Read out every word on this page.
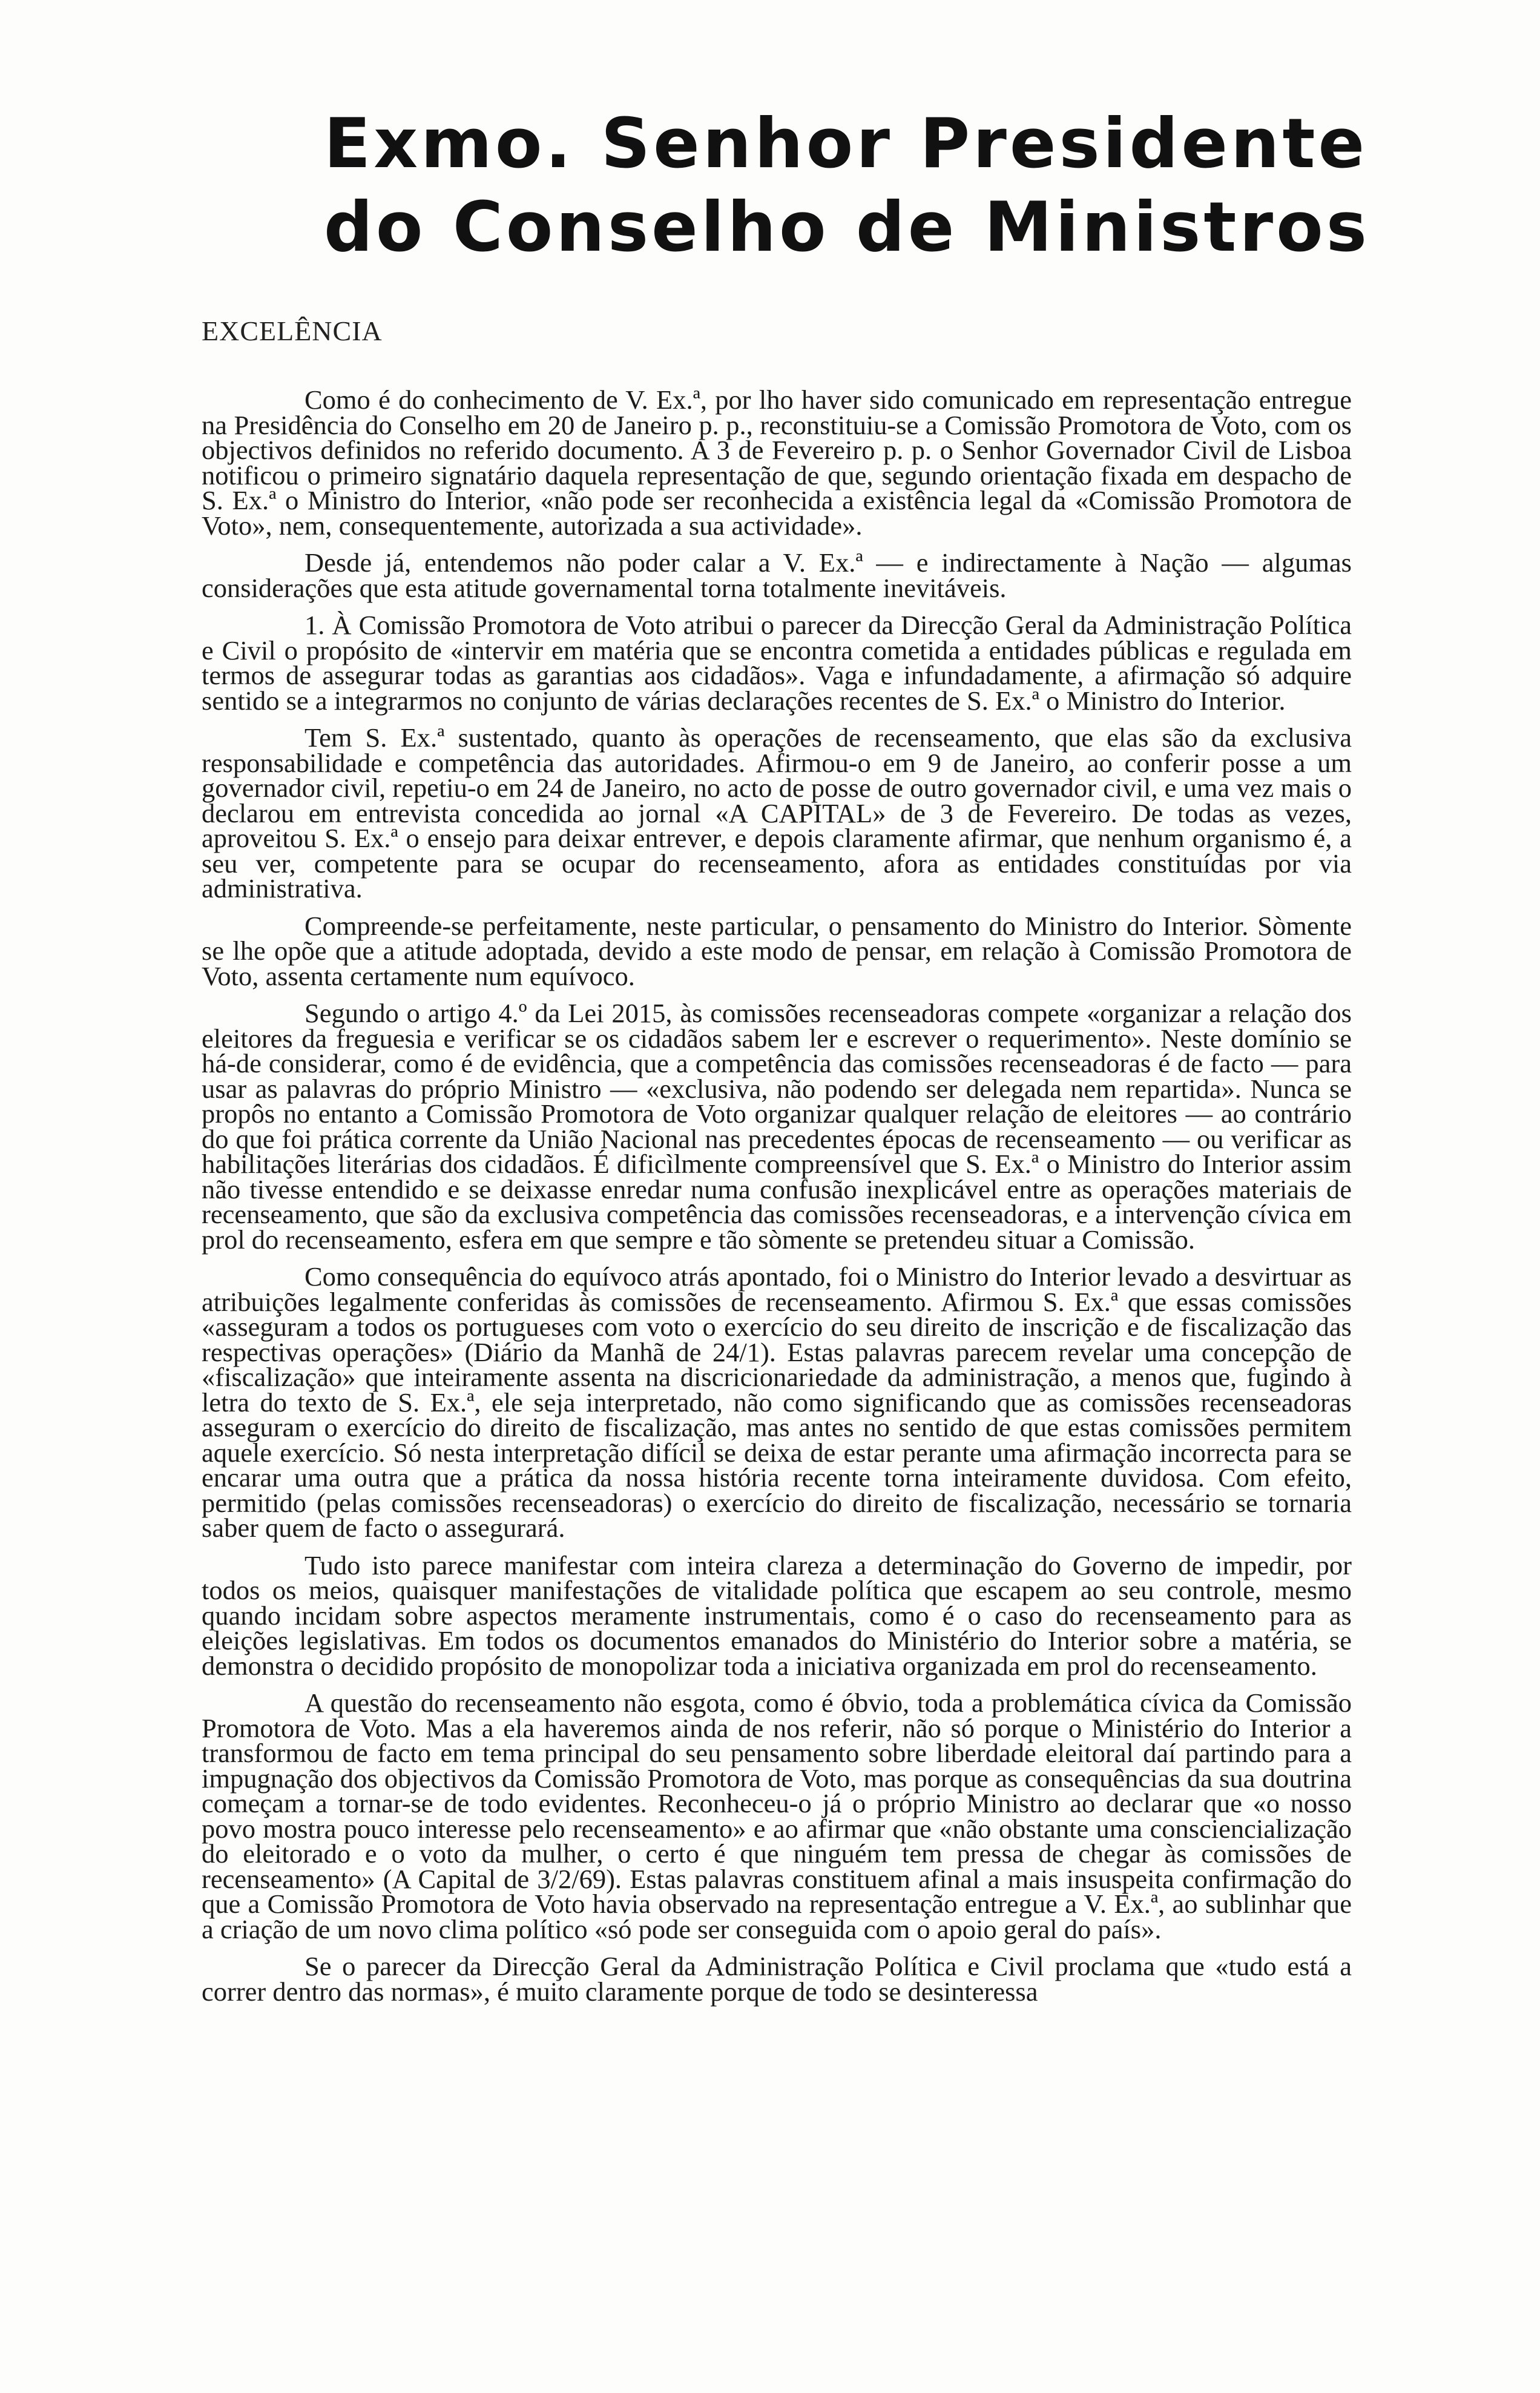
Exmo. Senhor Presidente
do Conselho de Ministros
EXCELÊNCIA

Como é do conhecimento de V. Ex.ª, por lho haver sido comunicado em representação entregue na Presidência do Conselho em 20 de Janeiro p. p., reconstituiu-se a Comissão Promotora de Voto, com os objectivos definidos no referido documento. A 3 de Fevereiro p. p. o Senhor Governador Civil de Lisboa notificou o primeiro signatário daquela representação de que, segundo orientação fixada em despacho de S. Ex.ª o Ministro do Interior, «não pode ser reconhecida a existência legal da «Comissão Promotora de Voto», nem, consequentemente, autorizada a sua actividade».

Desde já, entendemos não poder calar a V. Ex.ª — e indirectamente à Nação — algumas considerações que esta atitude governamental torna totalmente inevitáveis.

1. À Comissão Promotora de Voto atribui o parecer da Direcção Geral da Administração Política e Civil o propósito de «intervir em matéria que se encontra cometida a entidades públicas e regulada em termos de assegurar todas as garantias aos cidadãos». Vaga e infundadamente, a afirmação só adquire sentido se a integrarmos no conjunto de várias declarações recentes de S. Ex.ª o Ministro do Interior.

Tem S. Ex.ª sustentado, quanto às operações de recenseamento, que elas são da exclusiva responsabilidade e competência das autoridades. Afirmou-o em 9 de Janeiro, ao conferir posse a um governador civil, repetiu-o em 24 de Janeiro, no acto de posse de outro governador civil, e uma vez mais o declarou em entrevista concedida ao jornal «A CAPITAL» de 3 de Fevereiro. De todas as vezes, aproveitou S. Ex.ª o ensejo para deixar entrever, e depois claramente afirmar, que nenhum organismo é, a seu ver, competente para se ocupar do recenseamento, afora as entidades constituídas por via administrativa.

Compreende-se perfeitamente, neste particular, o pensamento do Ministro do Interior. Sòmente se lhe opõe que a atitude adoptada, devido a este modo de pensar, em relação à Comissão Promotora de Voto, assenta certamente num equívoco.

Segundo o artigo 4.º da Lei 2015, às comissões recenseadoras compete «organizar a relação dos eleitores da freguesia e verificar se os cidadãos sabem ler e escrever o requerimento». Neste domínio se há-de considerar, como é de evidência, que a competência das comissões recenseadoras é de facto — para usar as palavras do próprio Ministro — «exclusiva, não podendo ser delegada nem repartida». Nunca se propôs no entanto a Comissão Promotora de Voto organizar qualquer relação de eleitores — ao contrário do que foi prática corrente da União Nacional nas precedentes épocas de recenseamento — ou verificar as habilitações literárias dos cidadãos. É dificìlmente compreensível que S. Ex.ª o Ministro do Interior assim não tivesse entendido e se deixasse enredar numa confusão inexplicável entre as operações materiais de recenseamento, que são da exclusiva competência das comissões recenseadoras, e a intervenção cívica em prol do recenseamento, esfera em que sempre e tão sòmente se pretendeu situar a Comissão.

Como consequência do equívoco atrás apontado, foi o Ministro do Interior levado a desvirtuar as atribuições legalmente conferidas às comissões de recenseamento. Afirmou S. Ex.ª que essas comissões «asseguram a todos os portugueses com voto o exercício do seu direito de inscrição e de fiscalização das respectivas operações» (Diário da Manhã de 24/1). Estas palavras parecem revelar uma concepção de «fiscalização» que inteiramente assenta na discricionariedade da administração, a menos que, fugindo à letra do texto de S. Ex.ª, ele seja interpretado, não como significando que as comissões recenseadoras asseguram o exercício do direito de fiscalização, mas antes no sentido de que estas comissões permitem aquele exercício. Só nesta interpretação difícil se deixa de estar perante uma afirmação incorrecta para se encarar uma outra que a prática da nossa história recente torna inteiramente duvidosa. Com efeito, permitido (pelas comissões recenseadoras) o exercício do direito de fiscalização, necessário se tornaria saber quem de facto o assegurará.

Tudo isto parece manifestar com inteira clareza a determinação do Governo de impedir, por todos os meios, quaisquer manifestações de vitalidade política que escapem ao seu controle, mesmo quando incidam sobre aspectos meramente instrumentais, como é o caso do recenseamento para as eleições legislativas. Em todos os documentos emanados do Ministério do Interior sobre a matéria, se demonstra o decidido propósito de monopolizar toda a iniciativa organizada em prol do recenseamento.

A questão do recenseamento não esgota, como é óbvio, toda a problemática cívica da Comissão Promotora de Voto. Mas a ela haveremos ainda de nos referir, não só porque o Ministério do Interior a transformou de facto em tema principal do seu pensamento sobre liberdade eleitoral daí partindo para a impugnação dos objectivos da Comissão Promotora de Voto, mas porque as consequências da sua doutrina começam a tornar-se de todo evidentes. Reconheceu-o já o próprio Ministro ao declarar que «o nosso povo mostra pouco interesse pelo recenseamento» e ao afirmar que «não obstante uma consciencialização do eleitorado e o voto da mulher, o certo é que ninguém tem pressa de chegar às comissões de recenseamento» (A Capital de 3/2/69). Estas palavras constituem afinal a mais insuspeita confirmação do que a Comissão Promotora de Voto havia observado na representação entregue a V. Ex.ª, ao sublinhar que a criação de um novo clima político «só pode ser conseguida com o apoio geral do país».

Se o parecer da Direcção Geral da Administração Política e Civil proclama que «tudo está a correr dentro das normas», é muito claramente porque de todo se desinteressa
